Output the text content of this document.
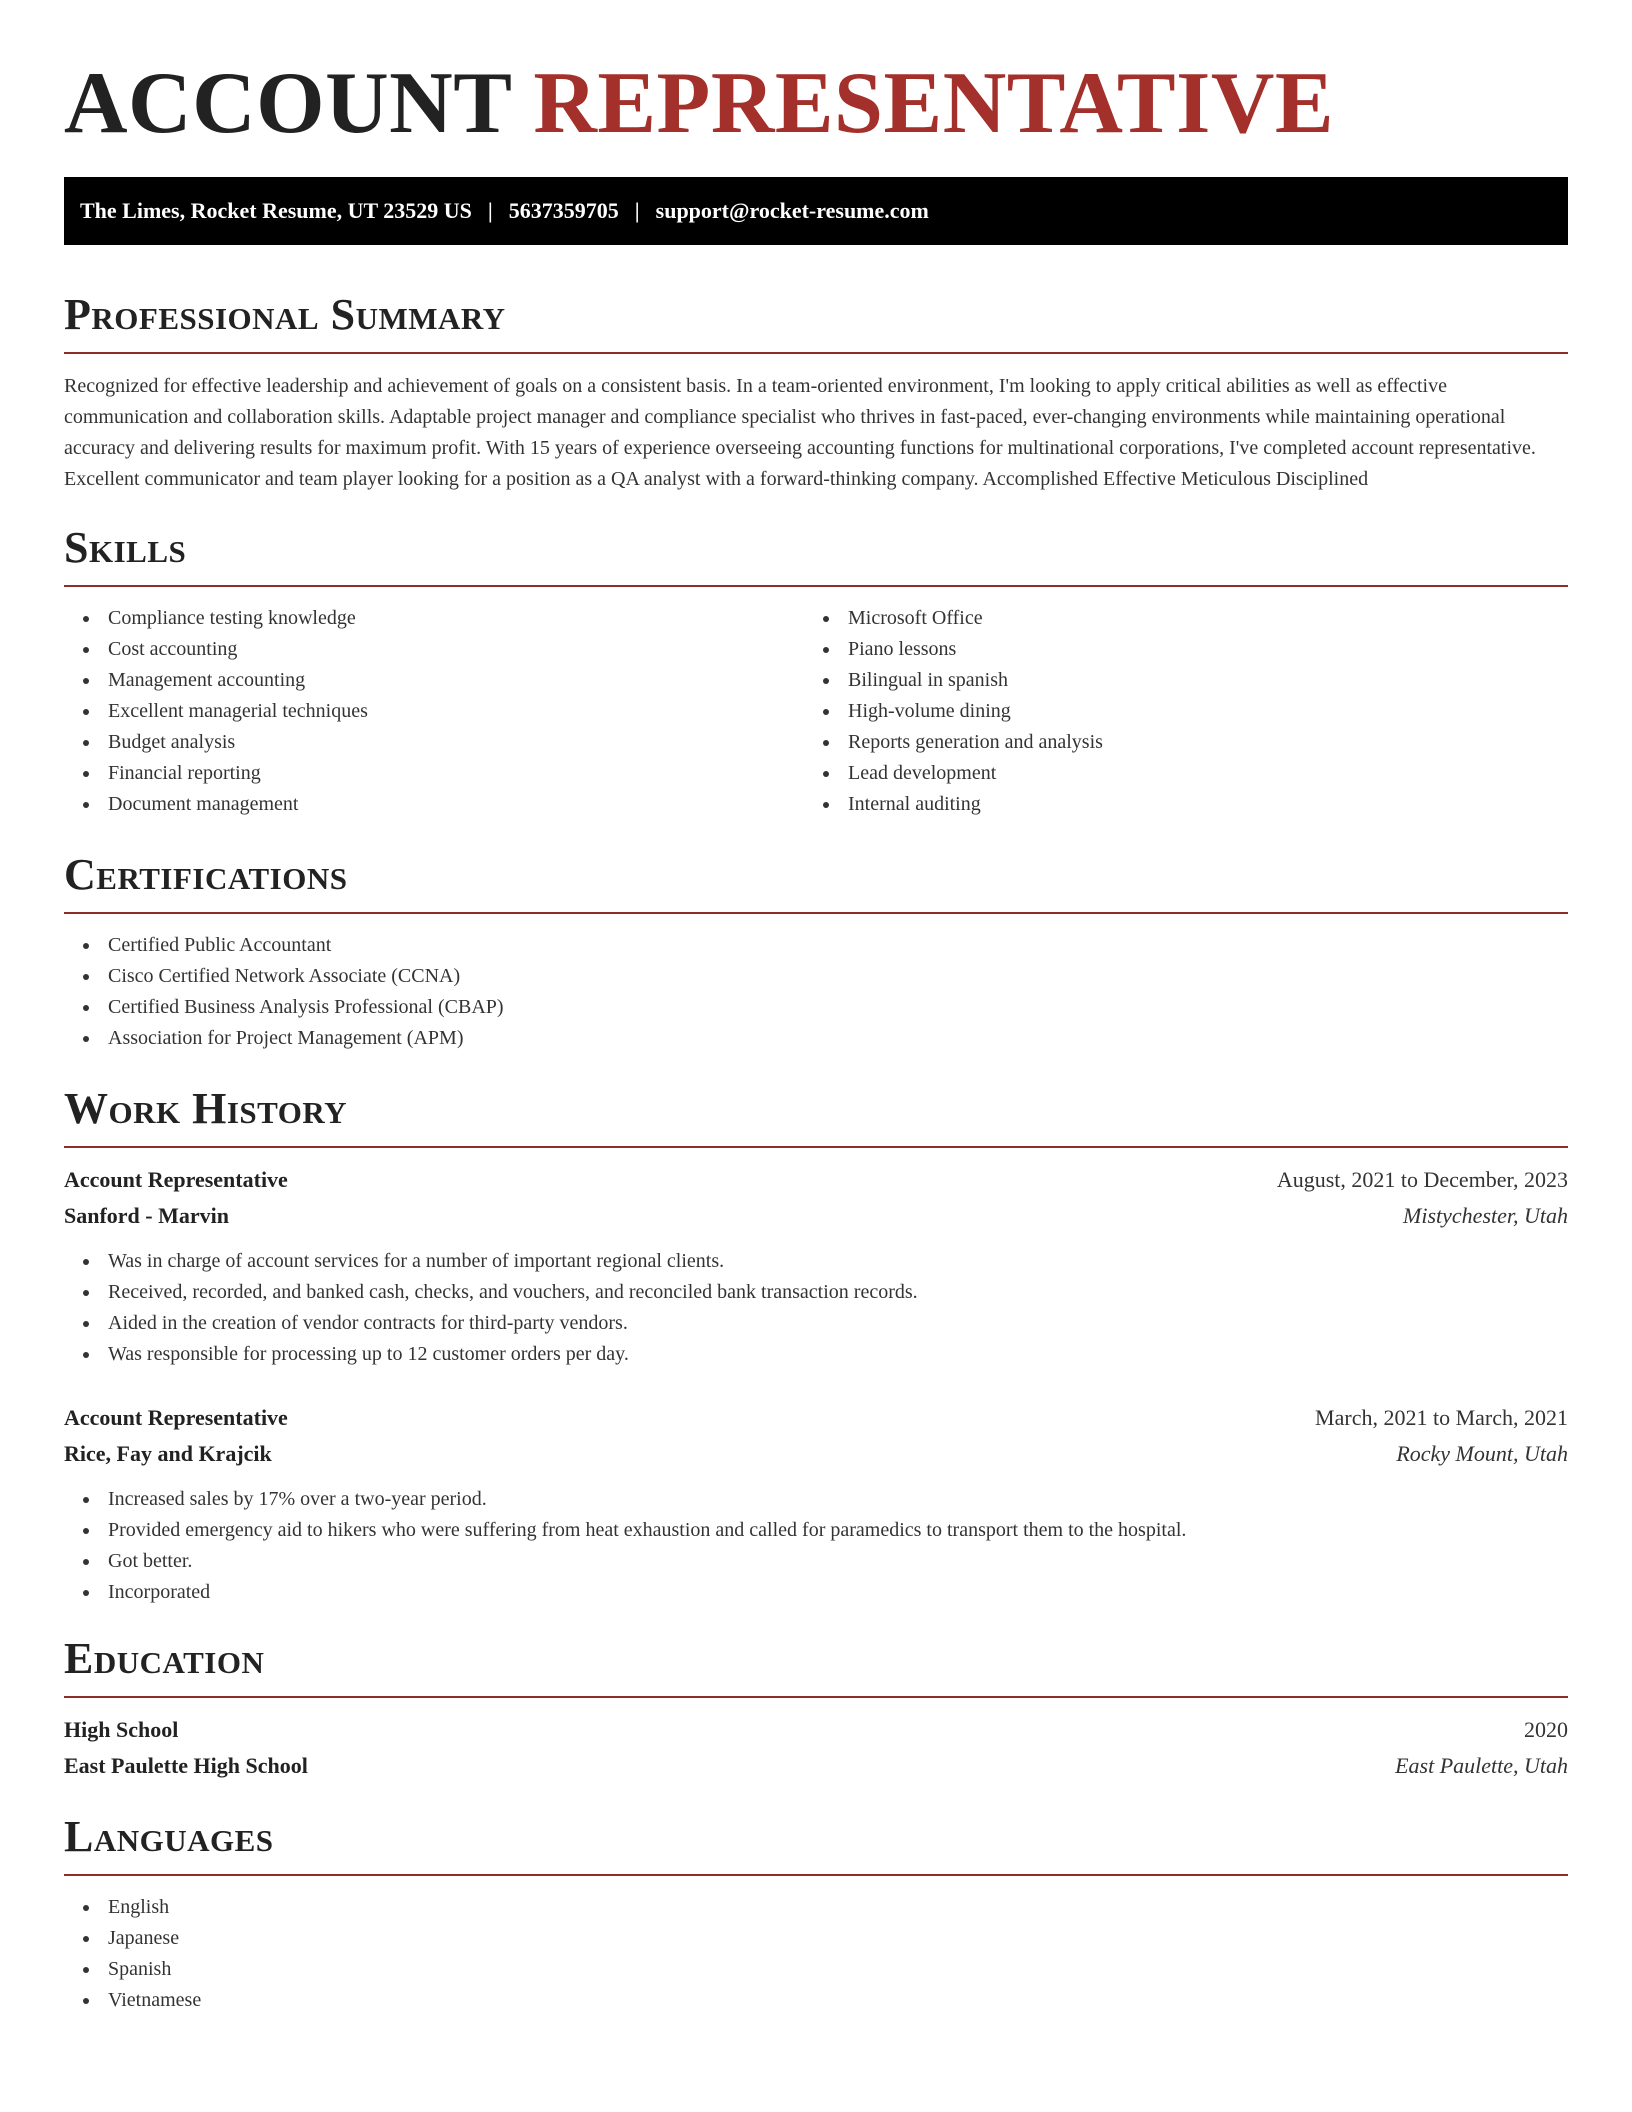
ACCOUNT REPRESENTATIVE
The Limes, Rocket Resume, UT 23529 US | 5637359705 | support@rocket-resume.com
Professional Summary

Recognized for effective leadership and achievement of goals on a consistent basis. In a team-oriented environment, I'm looking to apply critical abilities as well as effective communication and collaboration skills. Adaptable project manager and compliance specialist who thrives in fast-paced, ever-changing environments while maintaining operational accuracy and delivering results for maximum profit. With 15 years of experience overseeing accounting functions for multinational corporations, I've completed account representative. Excellent communicator and team player looking for a position as a QA analyst with a forward-thinking company. Accomplished Effective Meticulous Disciplined

Skills
Compliance testing knowledge
Cost accounting
Management accounting
Excellent managerial techniques
Budget analysis
Financial reporting
Document management
Microsoft Office
Piano lessons
Bilingual in spanish
High-volume dining
Reports generation and analysis
Lead development
Internal auditing
Certifications
Certified Public Accountant
Cisco Certified Network Associate (CCNA)
Certified Business Analysis Professional (CBAP)
Association for Project Management (APM)
Work History
Account Representative	August, 2021 to December, 2023
Sanford - Marvin	Mistychester, Utah
Was in charge of account services for a number of important regional clients.
Received, recorded, and banked cash, checks, and vouchers, and reconciled bank transaction records.
Aided in the creation of vendor contracts for third-party vendors.
Was responsible for processing up to 12 customer orders per day.
Account Representative	March, 2021 to March, 2021
Rice, Fay and Krajcik	Rocky Mount, Utah
Increased sales by 17% over a two-year period.
Provided emergency aid to hikers who were suffering from heat exhaustion and called for paramedics to transport them to the hospital.
Got better.
Incorporated
Education
High School	2020
East Paulette High School	East Paulette, Utah
Languages
English
Japanese
Spanish
Vietnamese
